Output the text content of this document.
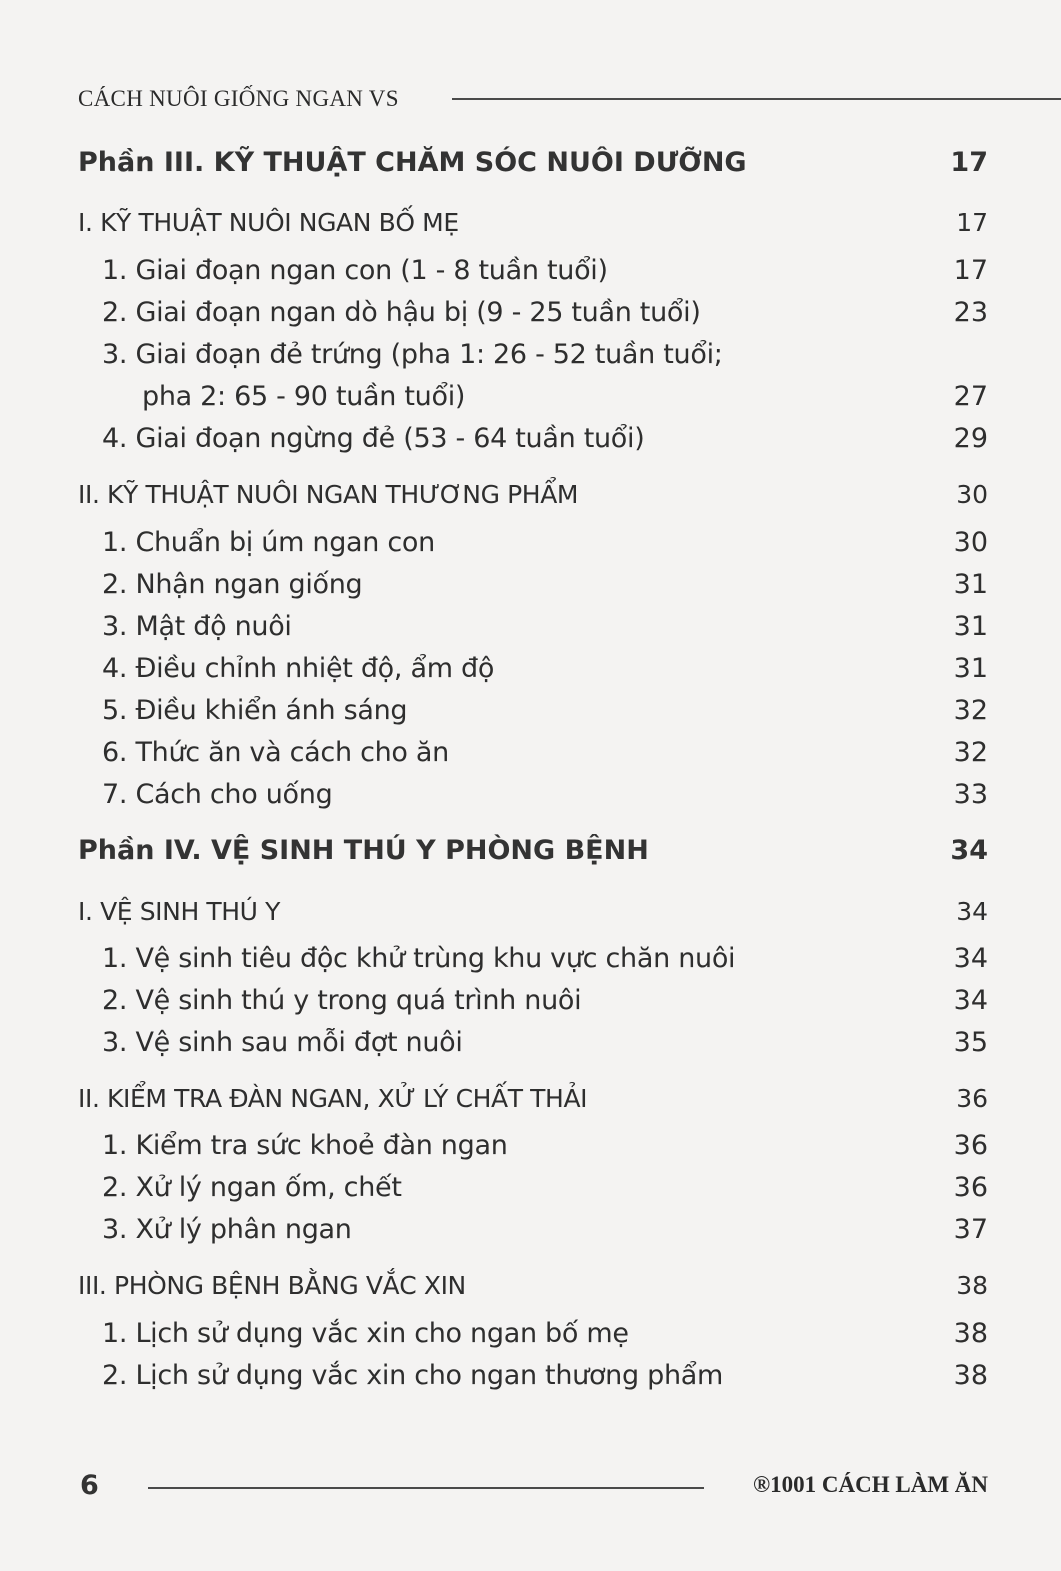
CÁCH NUÔI GIỐNG NGAN VS
Phần III. KỸ THUẬT CHĂM SÓC NUÔI DƯỠNG	17
I. KỸ THUẬT NUÔI NGAN BỐ MẸ	17
1. Giai đoạn ngan con (1 - 8 tuần tuổi)	17
2. Giai đoạn ngan dò hậu bị (9 - 25 tuần tuổi)	23
3. Giai đoạn đẻ trứng (pha 1: 26 - 52 tuần tuổi;
pha 2: 65 - 90 tuần tuổi)	27
4. Giai đoạn ngừng đẻ (53 - 64 tuần tuổi)	29
II. KỸ THUẬT NUÔI NGAN THƯƠNG PHẨM	30
1. Chuẩn bị úm ngan con	30
2. Nhận ngan giống	31
3. Mật độ nuôi	31
4. Điều chỉnh nhiệt độ, ẩm độ	31
5. Điều khiển ánh sáng	32
6. Thức ăn và cách cho ăn	32
7. Cách cho uống	33
Phần IV. VỆ SINH THÚ Y PHÒNG BỆNH	34
I. VỆ SINH THÚ Y	34
1. Vệ sinh tiêu độc khử trùng khu vực chăn nuôi	34
2. Vệ sinh thú y trong quá trình nuôi	34
3. Vệ sinh sau mỗi đợt nuôi	35
II. KIỂM TRA ĐÀN NGAN, XỬ LÝ CHẤT THẢI	36
1. Kiểm tra sức khoẻ đàn ngan	36
2. Xử lý ngan ốm, chết	36
3. Xử lý phân ngan	37
III. PHÒNG BỆNH BẰNG VẮC XIN	38
1. Lịch sử dụng vắc xin cho ngan bố mẹ	38
2. Lịch sử dụng vắc xin cho ngan thương phẩm	38
6	®1001 CÁCH LÀM ĂN
